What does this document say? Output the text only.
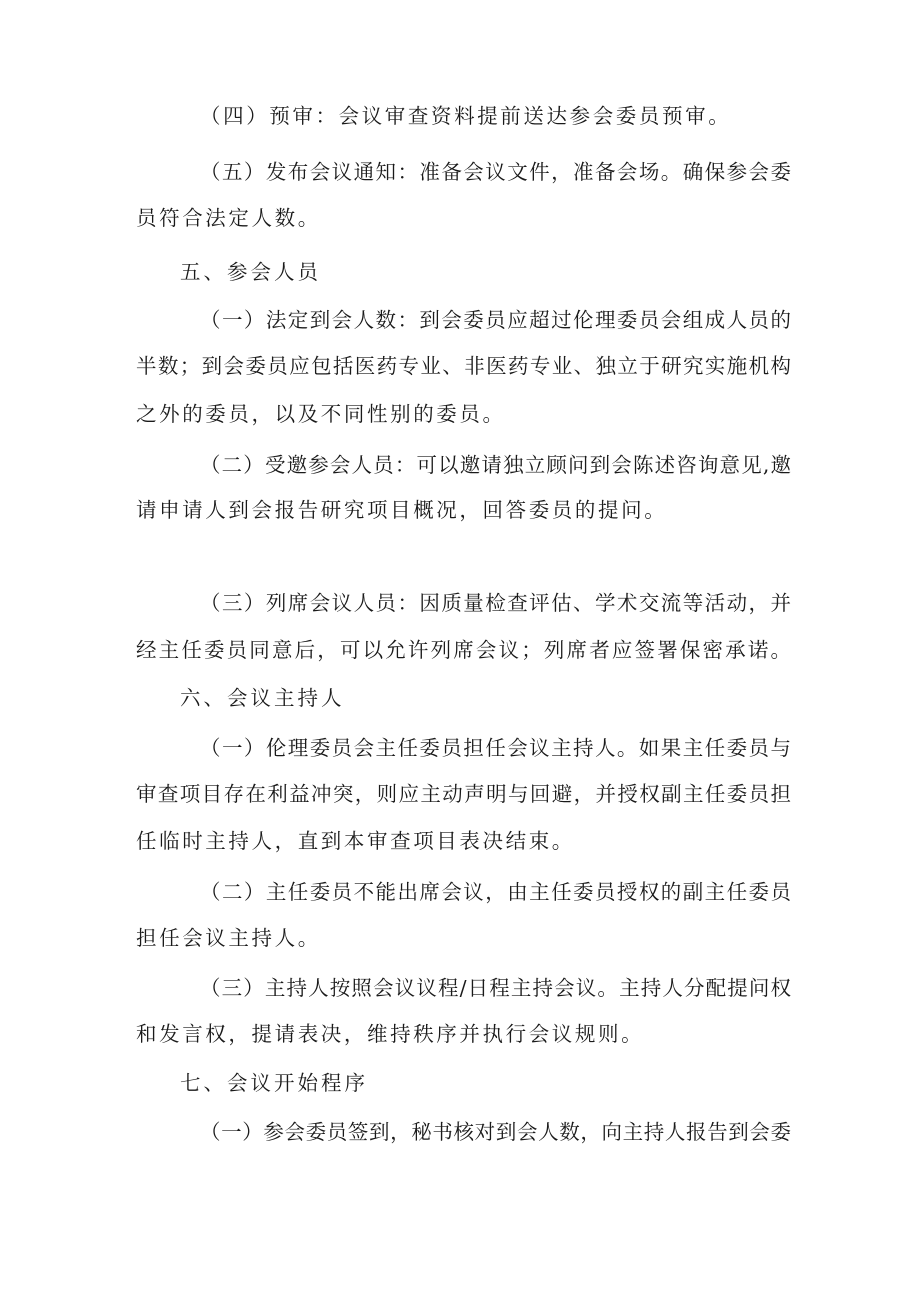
（四）预审：会议审查资料提前送达参会委员预审。
（五）发布会议通知：准备会议文件，准备会场。确保参会委
员符合法定人数。
五、参会人员
（一）法定到会人数：到会委员应超过伦理委员会组成人员的
半数；到会委员应包括医药专业、非医药专业、独立于研究实施机构
之外的委员，以及不同性别的委员。
（二）受邀参会人员：可以邀请独立顾问到会陈述咨询意见,邀
请申请人到会报告研究项目概况，回答委员的提问。
（三）列席会议人员：因质量检查评估、学术交流等活动，并
经主任委员同意后，可以允许列席会议；列席者应签署保密承诺。
六、会议主持人
（一）伦理委员会主任委员担任会议主持人。如果主任委员与
审查项目存在利益冲突，则应主动声明与回避，并授权副主任委员担
任临时主持人，直到本审查项目表决结束。
（二）主任委员不能出席会议，由主任委员授权的副主任委员
担任会议主持人。
（三）主持人按照会议议程/日程主持会议。主持人分配提问权
和发言权，提请表决，维持秩序并执行会议规则。
七、会议开始程序
（一）参会委员签到，秘书核对到会人数，向主持人报告到会委
